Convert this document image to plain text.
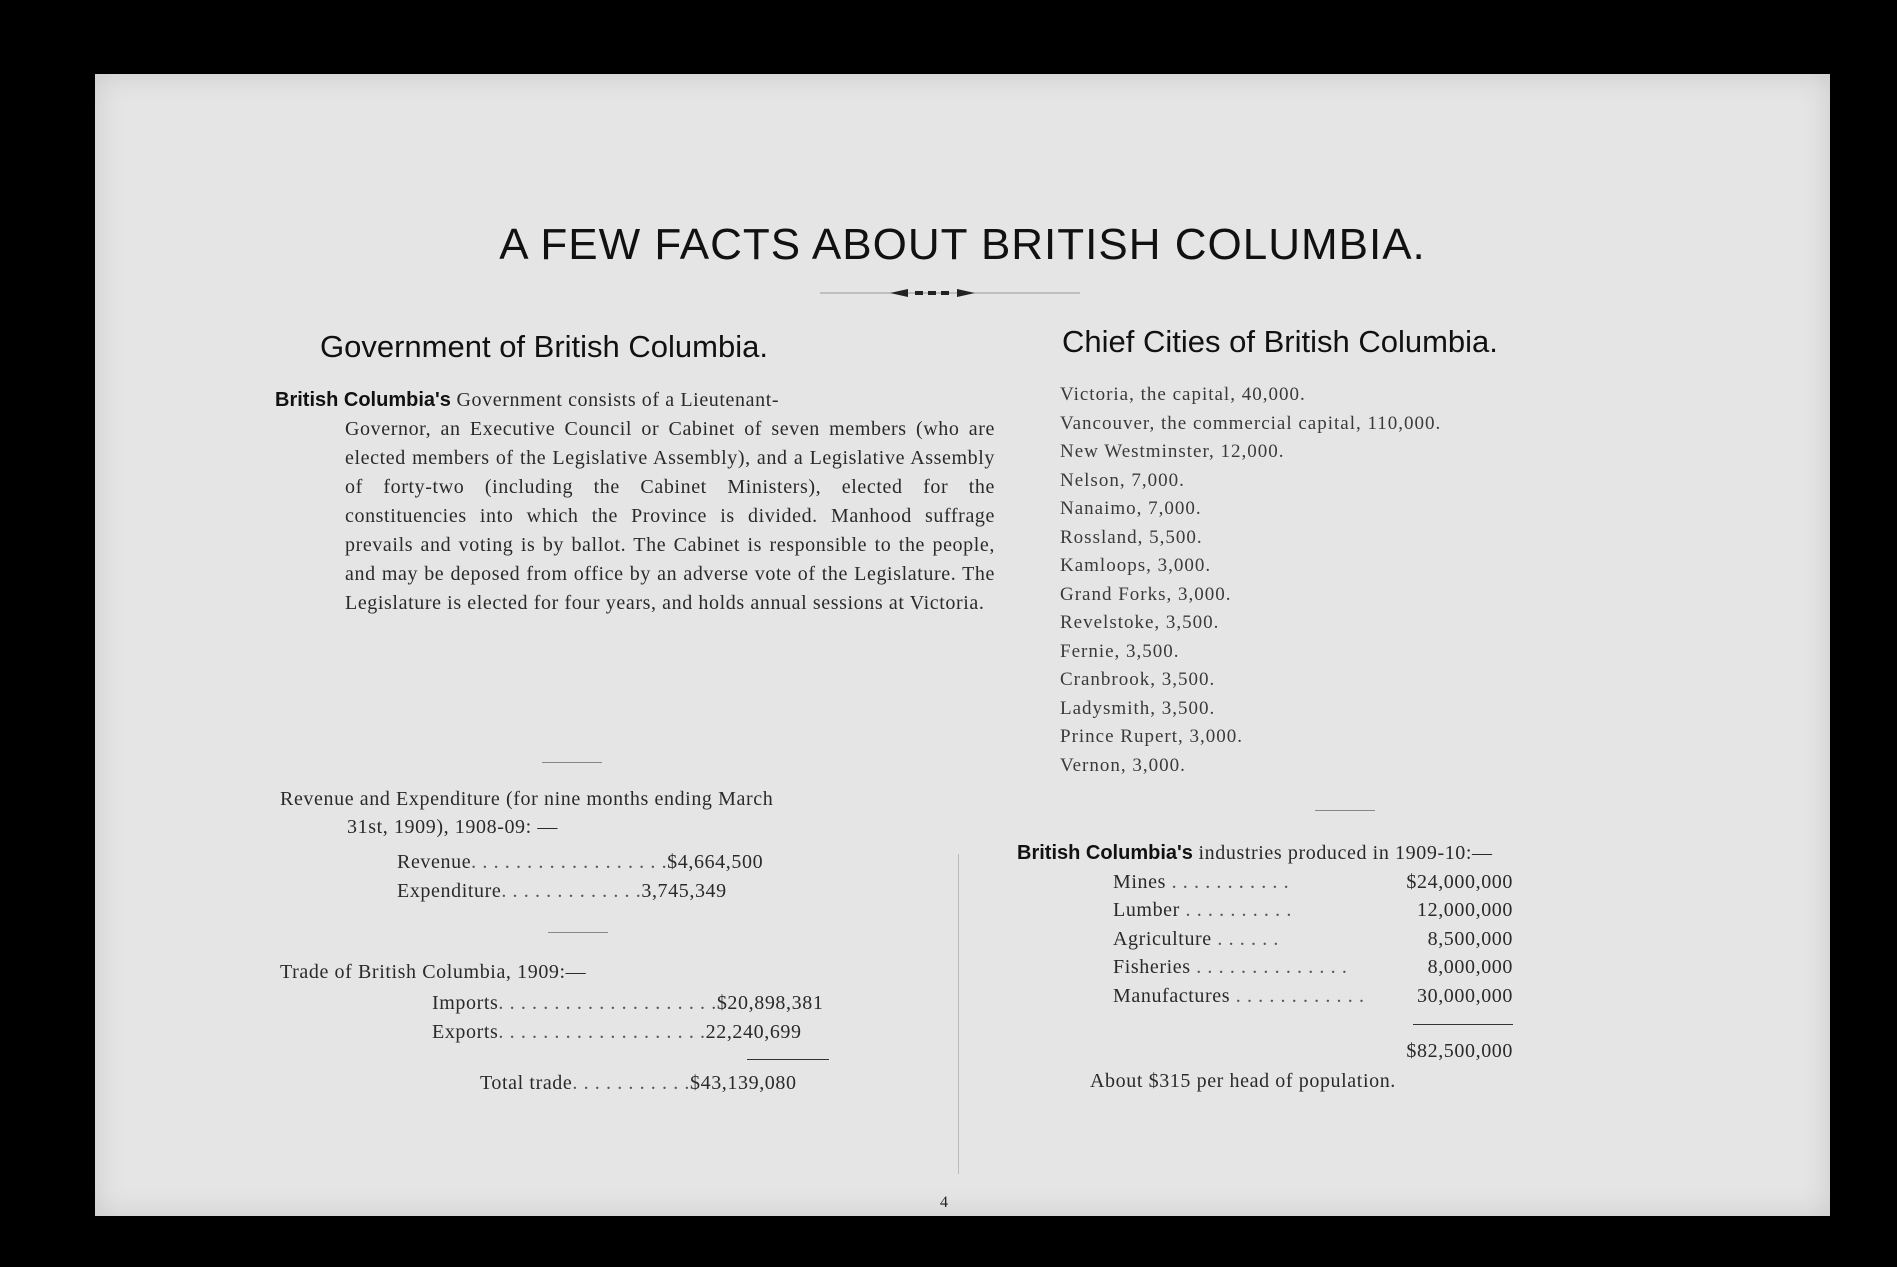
A FEW FACTS ABOUT BRITISH COLUMBIA.
Government of British Columbia.
British Columbia's Government consists of a Lieutenant-
Governor, an Executive Council or Cabinet of seven members (who are elected members of the Legislative Assembly), and a Legislative Assembly of forty-two (including the Cabinet Ministers), elected for the constituencies into which the Province is divided. Manhood suffrage prevails and voting is by ballot. The Cabinet is responsible to the people, and may be deposed from office by an adverse vote of the Legislature. The Legislature is elected for four years, and holds annual sessions at Victoria.
Revenue and Expenditure (for nine months ending March
31st, 1909), 1908-09: —
Revenue. . . . . . . . . . . . . . . . . .$4,664,500
Expenditure. . . . . . . . . . . . .3,745,349
Trade of British Columbia, 1909:—
Imports. . . . . . . . . . . . . . . . . . . .$20,898,381
Exports. . . . . . . . . . . . . . . . . . .22,240,699
Total trade. . . . . . . . . . .$43,139,080
Chief Cities of British Columbia.
Victoria, the capital, 40,000.
Vancouver, the commercial capital, 110,000.
New Westminster, 12,000.
Nelson, 7,000.
Nanaimo, 7,000.
Rossland, 5,500.
Kamloops, 3,000.
Grand Forks, 3,000.
Revelstoke, 3,500.
Fernie, 3,500.
Cranbrook, 3,500.
Ladysmith, 3,500.
Prince Rupert, 3,000.
Vernon, 3,000.
British Columbia's industries produced in 1909-10:—
Mines . . . . . . . . . . .	$24,000,000
Lumber . . . . . . . . . .	12,000,000
Agriculture . . . . . .	8,500,000
Fisheries . . . . . . . . . . . . . .	8,000,000
Manufactures . . . . . . . . . . . .	30,000,000
$82,500,000
About $315 per head of population.
4
